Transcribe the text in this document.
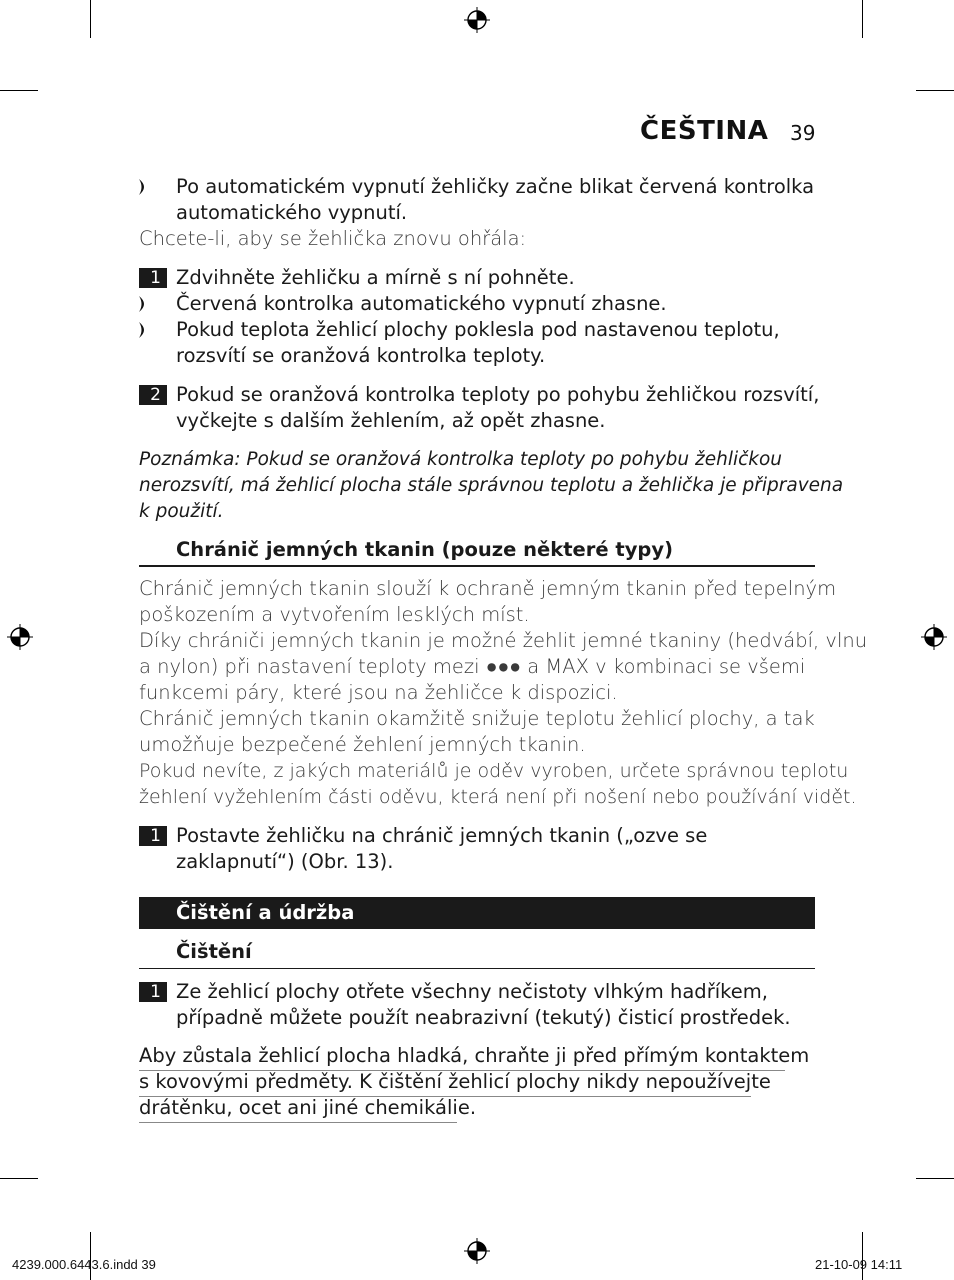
ČEŠTINA 39
Po automatickém vypnutí žehličky začne blikat červená kontrolka
automatického vypnutí.
Chcete-li, aby se žehlička znovu ohřála:
1 Zdvihněte žehličku a mírně s ní pohněte.
Červená kontrolka automatického vypnutí zhasne.
Pokud teplota žehlicí plochy poklesla pod nastavenou teplotu,
rozsvítí se oranžová kontrolka teploty.
2 Pokud se oranžová kontrolka teploty po pohybu žehličkou rozsvítí,
vyčkejte s dalším žehlením, až opět zhasne.
Poznámka: Pokud se oranžová kontrolka teploty po pohybu žehličkou
nerozsvítí, má žehlicí plocha stále správnou teplotu a žehlička je připravena
k použití.
Chránič jemných tkanin (pouze některé typy)
Chránič jemných tkanin slouží k ochraně jemným tkanin před tepelným
poškozením a vytvořením lesklých míst.
Díky chrániči jemných tkanin je možné žehlit jemné tkaniny (hedvábí, vlnu
a nylon) při nastavení teploty mezi ●●● a MAX v kombinaci se všemi
funkcemi páry, které jsou na žehličce k dispozici.
Chránič jemných tkanin okamžitě snižuje teplotu žehlicí plochy, a tak
umožňuje bezpečené žehlení jemných tkanin.
Pokud nevíte, z jakých materiálů je oděv vyroben, určete správnou teplotu
žehlení vyžehlením části oděvu, která není při nošení nebo používání vidět.
1 Postavte žehličku na chránič jemných tkanin („ozve se
zaklapnutí“) (Obr. 13).
Čištění a údržba
Čištění
1 Ze žehlicí plochy otřete všechny nečistoty vlhkým hadříkem,
případně můžete použít neabrazivní (tekutý) čisticí prostředek.
Aby zůstala žehlicí plocha hladká, chraňte ji před přímým kontaktem
s kovovými předměty. K čištění žehlicí plochy nikdy nepoužívejte
drátěnku, ocet ani jiné chemikálie.
4239.000.6443.6.indd 39	21-10-09 14:11
